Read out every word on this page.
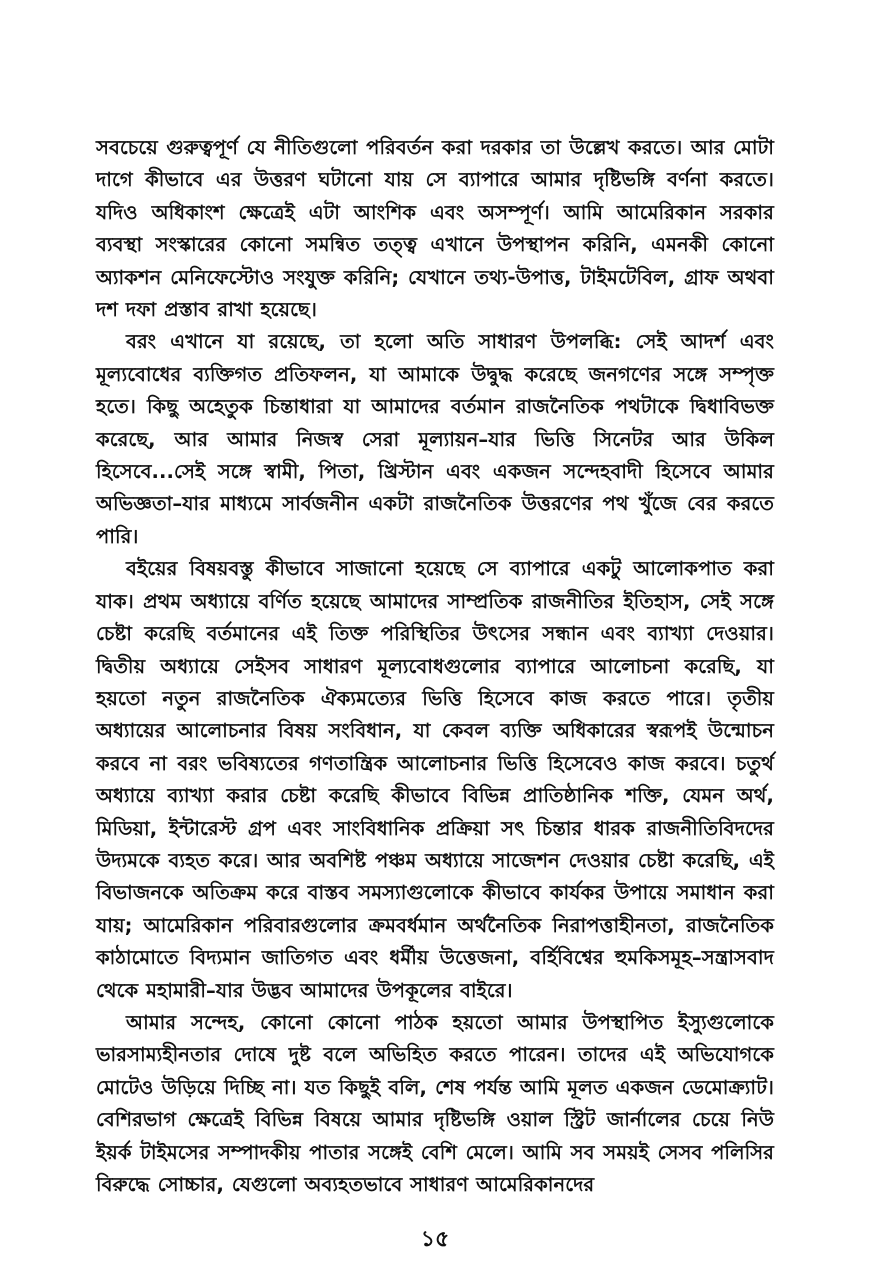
সবচেয়ে গুরুত্বপূর্ণ যে নীতিগুলো পরিবর্তন করা দরকার তা উল্লেখ করতে। আর মোটা দাগে কীভাবে এর উত্তরণ ঘটানো যায় সে ব্যাপারে আমার দৃষ্টিভঙ্গি বর্ণনা করতে। যদিও অধিকাংশ ক্ষেত্রেই এটা আংশিক এবং অসম্পূর্ণ। আমি আমেরিকান সরকার ব্যবস্থা সংস্কারের কোনো সমন্বিত তত্ত্ব এখানে উপস্থাপন করিনি, এমনকী কোনো অ্যাকশন মেনিফেস্টোও সংযুক্ত করিনি; যেখানে তথ্য-উপাত্ত, টাইমটেবিল, গ্রাফ অথবা দশ দফা প্রস্তাব রাখা হয়েছে।

বরং এখানে যা রয়েছে, তা হলো অতি সাধারণ উপলব্ধি: সেই আদর্শ এবং মূল্যবোধের ব্যক্তিগত প্রতিফলন, যা আমাকে উদ্বুদ্ধ করেছে জনগণের সঙ্গে সম্পৃক্ত হতে। কিছু অহেতুক চিন্তাধারা যা আমাদের বর্তমান রাজনৈতিক পথটাকে দ্বিধাবিভক্ত করেছে, আর আমার নিজস্ব সেরা মূল্যায়ন–যার ভিত্তি সিনেটর আর উকিল হিসেবে...সেই সঙ্গে স্বামী, পিতা, খ্রিস্টান এবং একজন সন্দেহবাদী হিসেবে আমার অভিজ্ঞতা–যার মাধ্যমে সার্বজনীন একটা রাজনৈতিক উত্তরণের পথ খুঁজে বের করতে পারি।

বইয়ের বিষয়বস্তু কীভাবে সাজানো হয়েছে সে ব্যাপারে একটু আলোকপাত করা যাক। প্রথম অধ্যায়ে বর্ণিত হয়েছে আমাদের সাম্প্রতিক রাজনীতির ইতিহাস, সেই সঙ্গে চেষ্টা করেছি বর্তমানের এই তিক্ত পরিস্থিতির উৎসের সন্ধান এবং ব্যাখ্যা দেওয়ার। দ্বিতীয় অধ্যায়ে সেইসব সাধারণ মূল্যবোধগুলোর ব্যাপারে আলোচনা করেছি, যা হয়তো নতুন রাজনৈতিক ঐক্যমত্যের ভিত্তি হিসেবে কাজ করতে পারে। তৃতীয় অধ্যায়ের আলোচনার বিষয় সংবিধান, যা কেবল ব্যক্তি অধিকারের স্বরূপই উন্মোচন করবে না বরং ভবিষ্যতের গণতান্ত্রিক আলোচনার ভিত্তি হিসেবেও কাজ করবে। চতুর্থ অধ্যায়ে ব্যাখ্যা করার চেষ্টা করেছি কীভাবে বিভিন্ন প্রাতিষ্ঠানিক শক্তি, যেমন অর্থ, মিডিয়া, ইন্টারেস্ট গ্রপ এবং সাংবিধানিক প্রক্রিয়া সৎ চিন্তার ধারক রাজনীতিবিদদের উদ্যমকে ব্যহত করে। আর অবশিষ্ট পঞ্চম অধ্যায়ে সাজেশন দেওয়ার চেষ্টা করেছি, এই বিভাজনকে অতিক্রম করে বাস্তব সমস্যাগুলোকে কীভাবে কার্যকর উপায়ে সমাধান করা যায়; আমেরিকান পরিবারগুলোর ক্রমবর্ধমান অর্থনৈতিক নিরাপত্তাহীনতা, রাজনৈতিক কাঠামোতে বিদ্যমান জাতিগত এবং ধর্মীয় উত্তেজনা, বর্হিবিশ্বের হুমকিসমূহ–সন্ত্রাসবাদ থেকে মহামারী–যার উদ্ভব আমাদের উপকূলের বাইরে।

আমার সন্দেহ, কোনো কোনো পাঠক হয়তো আমার উপস্থাপিত ইস্যুগুলোকে ভারসাম্যহীনতার দোষে দুষ্ট বলে অভিহিত করতে পারেন। তাদের এই অভিযোগকে মোটেও উড়িয়ে দিচ্ছি না। যত কিছুই বলি, শেষ পর্যন্ত আমি মূলত একজন ডেমোক্র্যাট। বেশিরভাগ ক্ষেত্রেই বিভিন্ন বিষয়ে আমার দৃষ্টিভঙ্গি ওয়াল স্ট্রিট জার্নালের চেয়ে নিউ ইয়র্ক টাইমসের সম্পাদকীয় পাতার সঙ্গেই বেশি মেলে। আমি সব সময়ই সেসব পলিসির বিরুদ্ধে সোচ্চার, যেগুলো অব্যহতভাবে সাধারণ আমেরিকানদের

১৫
